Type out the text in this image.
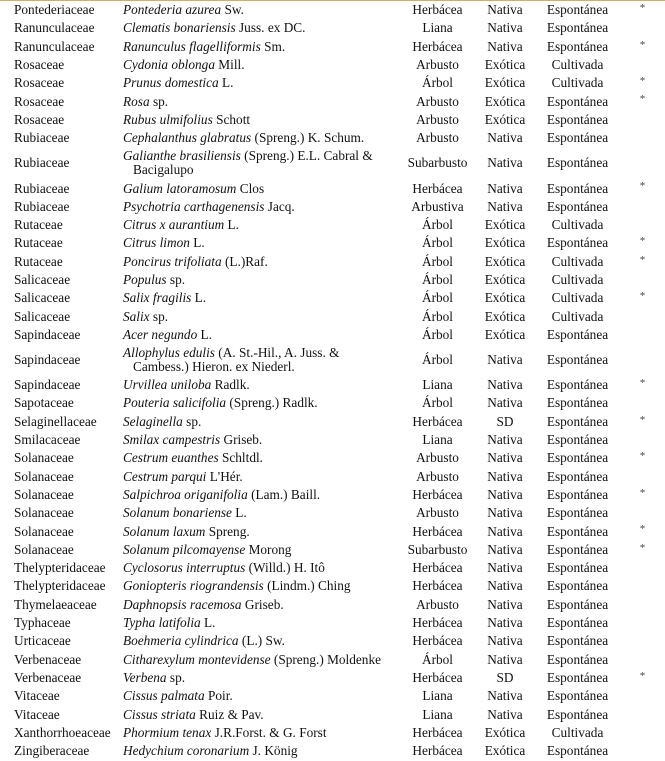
Pontederiaceae	Pontederia azurea Sw.	Herbácea	Nativa	Espontánea	*
Ranunculaceae	Clematis bonariensis Juss. ex DC.	Liana	Nativa	Espontánea	
Ranunculaceae	Ranunculus flagelliformis Sm.	Herbácea	Nativa	Espontánea	*
Rosaceae	Cydonia oblonga Mill.	Arbusto	Exótica	Cultivada	
Rosaceae	Prunus domestica L.	Árbol	Exótica	Cultivada	*
Rosaceae	Rosa sp.	Arbusto	Exótica	Espontánea	*
Rosaceae	Rubus ulmifolius Schott	Arbusto	Exótica	Espontánea	
Rubiaceae	Cephalanthus glabratus (Spreng.) K. Schum.	Arbusto	Nativa	Espontánea	
Rubiaceae	Galianthe brasiliensis (Spreng.) E.L. Cabral & Bacigalupo	Subarbusto	Nativa	Espontánea	
Rubiaceae	Galium latoramosum Clos	Herbácea	Nativa	Espontánea	*
Rubiaceae	Psychotria carthagenensis Jacq.	Arbustiva	Nativa	Espontánea	
Rutaceae	Citrus x aurantium L.	Árbol	Exótica	Cultivada	
Rutaceae	Citrus limon L.	Árbol	Exótica	Espontánea	*
Rutaceae	Poncirus trifoliata (L.)Raf.	Árbol	Exótica	Cultivada	*
Salicaceae	Populus sp.	Árbol	Exótica	Cultivada	
Salicaceae	Salix fragilis L.	Árbol	Exótica	Cultivada	*
Salicaceae	Salix sp.	Árbol	Exótica	Cultivada	
Sapindaceae	Acer negundo L.	Árbol	Exótica	Espontánea	
Sapindaceae	Allophylus edulis (A. St.-Hil., A. Juss. & Cambess.) Hieron. ex Niederl.	Árbol	Nativa	Espontánea	
Sapindaceae	Urvillea uniloba Radlk.	Liana	Nativa	Espontánea	*
Sapotaceae	Pouteria salicifolia (Spreng.) Radlk.	Árbol	Nativa	Espontánea	
Selaginellaceae	Selaginella sp.	Herbácea	SD	Espontánea	*
Smilacaceae	Smilax campestris Griseb.	Liana	Nativa	Espontánea	
Solanaceae	Cestrum euanthes Schltdl.	Arbusto	Nativa	Espontánea	*
Solanaceae	Cestrum parqui L'Hér.	Arbusto	Nativa	Espontánea	
Solanaceae	Salpichroa origanifolia (Lam.) Baill.	Herbácea	Nativa	Espontánea	*
Solanaceae	Solanum bonariense L.	Arbusto	Nativa	Espontánea	
Solanaceae	Solanum laxum Spreng.	Herbácea	Nativa	Espontánea	*
Solanaceae	Solanum pilcomayense Morong	Subarbusto	Nativa	Espontánea	*
Thelypteridaceae	Cyclosorus interruptus (Willd.) H. Itô	Herbácea	Nativa	Espontánea	
Thelypteridaceae	Goniopteris riograndensis (Lindm.) Ching	Herbácea	Nativa	Espontánea	
Thymelaeaceae	Daphnopsis racemosa Griseb.	Arbusto	Nativa	Espontánea	
Typhaceae	Typha latifolia L.	Herbácea	Nativa	Espontánea	
Urticaceae	Boehmeria cylindrica (L.) Sw.	Herbácea	Nativa	Espontánea	
Verbenaceae	Citharexylum montevidense (Spreng.) Moldenke	Árbol	Nativa	Espontánea	
Verbenaceae	Verbena sp.	Herbácea	SD	Espontánea	*
Vitaceae	Cissus palmata Poir.	Liana	Nativa	Espontánea	
Vitaceae	Cissus striata Ruiz & Pav.	Liana	Nativa	Espontánea	
Xanthorrhoeaceae	Phormium tenax J.R.Forst. & G. Forst	Herbácea	Exótica	Cultivada	
Zingiberaceae	Hedychium coronarium J. König	Herbácea	Exótica	Espontánea	
